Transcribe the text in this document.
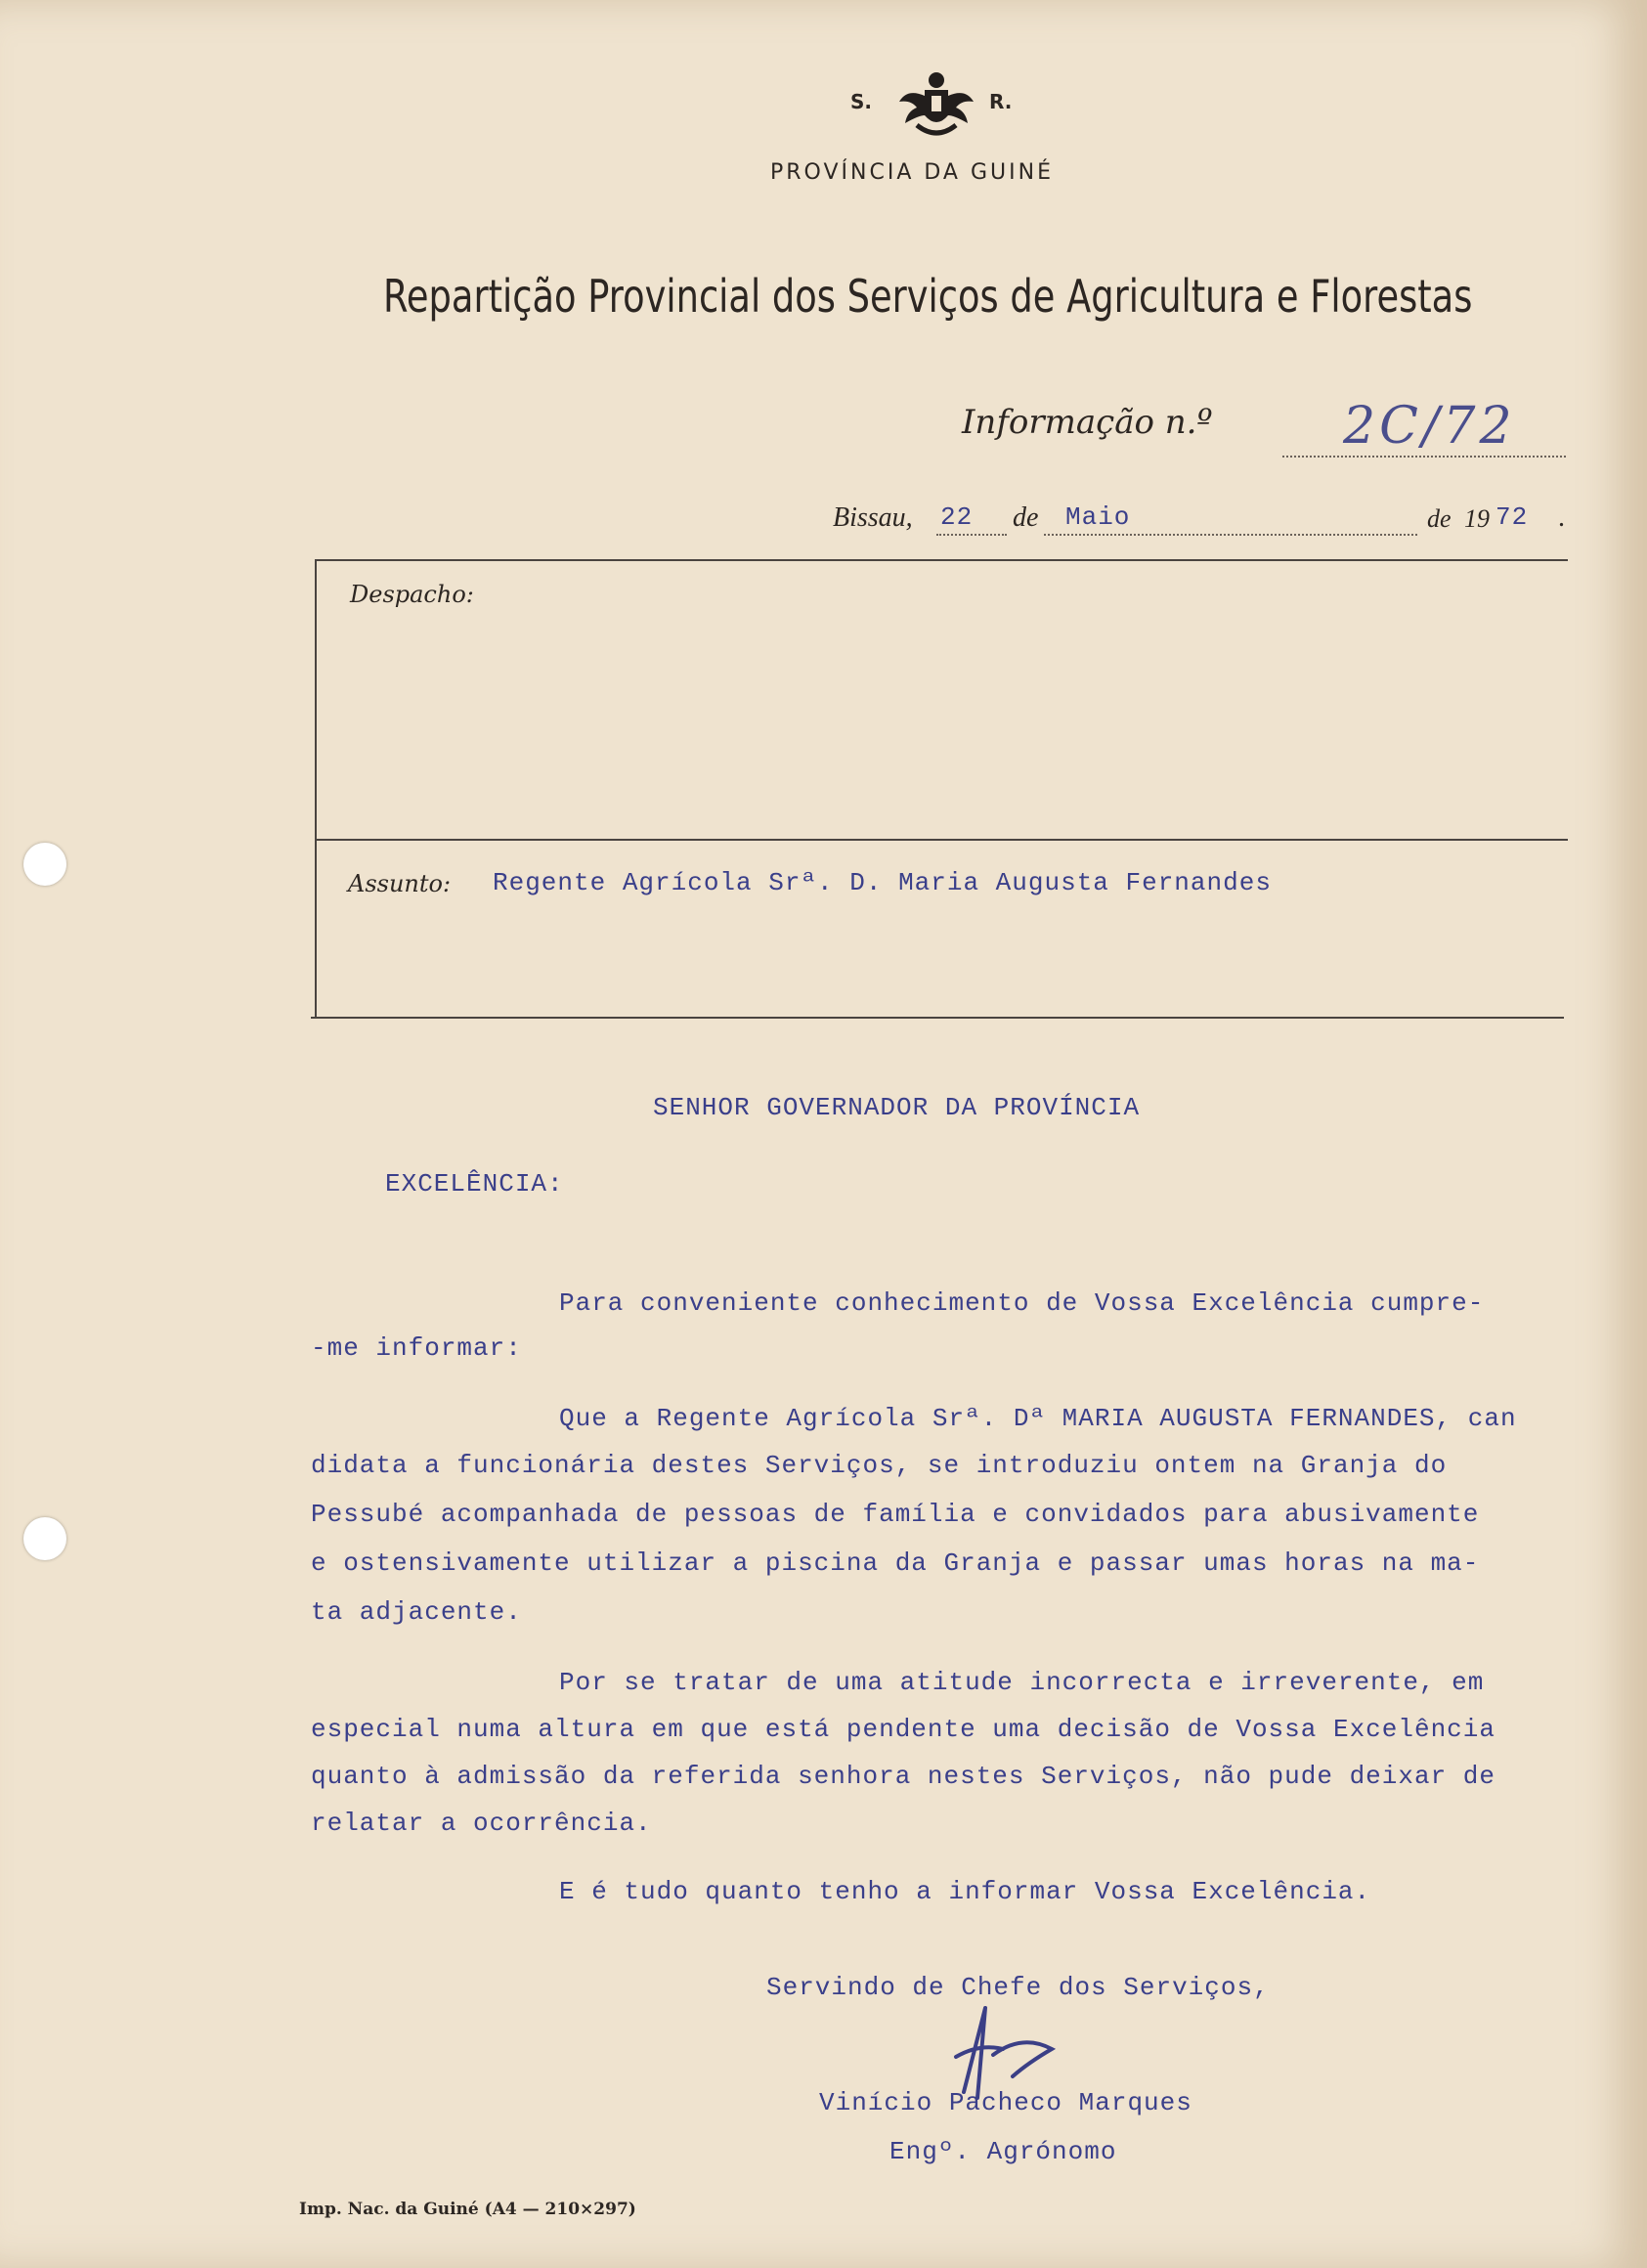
S.	R.
PROVÍNCIA DA GUINÉ
Repartição Provincial dos Serviços de Agricultura e Florestas
Informação n.º	2C/72
Bissau, 22 de Maio	de 19 72 .
Despacho:
Assunto: Regente Agrícola Srª. D. Maria Augusta Fernandes
SENHOR GOVERNADOR DA PROVÍNCIA
EXCELÊNCIA:
Para conveniente conhecimento de Vossa Excelência cumpre-
-me informar:
Que a Regente Agrícola Srª. Dª MARIA AUGUSTA FERNANDES, can
didata a funcionária destes Serviços, se introduziu ontem na Granja do
Pessubé acompanhada de pessoas de família e convidados para abusivamente
e ostensivamente utilizar a piscina da Granja e passar umas horas na ma-
ta adjacente.
Por se tratar de uma atitude incorrecta e irreverente, em
especial numa altura em que está pendente uma decisão de Vossa Excelência
quanto à admissão da referida senhora nestes Serviços, não pude deixar de
relatar a ocorrência.
E é tudo quanto tenho a informar Vossa Excelência.
Servindo de Chefe dos Serviços,
Vinício Pacheco Marques
Engº. Agrónomo
Imp. Nac. da Guiné (A4 — 210×297)
